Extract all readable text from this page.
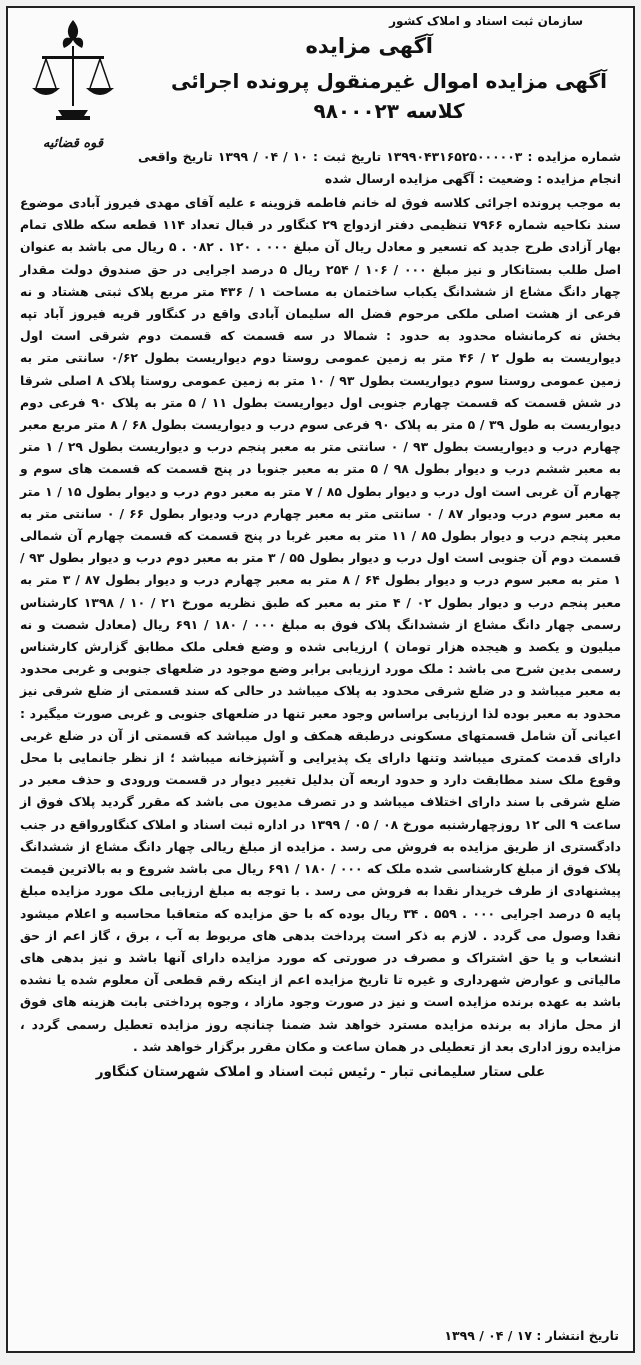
سازمان ثبت اسناد و املاک کشور
آگهی مزایده
آگهی مزایده اموال غیرمنقول پرونده اجرائی کلاسه ۹۸۰۰۰۲۳
قوه قضائیه
شماره مزایده : ۱۳۹۹۰۴۳۱۶۵۲۵۰۰۰۰۰۳ تاریخ ثبت : ۱۰ / ۰۴ / ۱۳۹۹ تاریخ واقعی انجام مزایده : وضعیت : آگهی مزایده ارسال شده
به موجب پرونده اجرائی کلاسه فوق له خانم فاطمه قزوینه ء علیه آقای مهدی فیروز آبادی موضوع سند نکاحیه شماره ۷۹۶۶ تنظیمی دفتر ازدواج ۲۹ کنگاور در قبال تعداد ۱۱۴ قطعه سکه طلای تمام بهار آزادی طرح جدید که تسعیر و معادل ریال آن مبلغ ۰۰۰ . ۱۲۰ . ۰۸۲ . ۵ ریال می باشد به عنوان اصل طلب بستانکار و نیز مبلغ ۰۰۰ / ۱۰۶ / ۲۵۴ ریال ۵ درصد اجرایی در حق صندوق دولت مقدار چهار دانگ مشاع از ششدانگ یکباب ساختمان به مساحت ۱ / ۴۳۶ متر مربع پلاک ثبتی هشتاد و نه فرعی از هشت اصلی ملکی مرحوم فضل اله سلیمان آبادی واقع در کنگاور قریه فیروز آباد تپه بخش نه کرمانشاه محدود به حدود : شمالا در سه قسمت که قسمت دوم شرقی است اول دیواریست به طول ۲ / ۴۶ متر به زمین عمومی روستا دوم دیواریست بطول ۰/۶۲ سانتی متر به زمین عمومی روستا سوم دیواریست بطول ۹۳ / ۱۰ متر به زمین عمومی روستا پلاک ۸ اصلی شرقا در شش قسمت که قسمت چهارم جنوبی اول دیواریست بطول ۱۱ / ۵ متر به پلاک ۹۰ فرعی دوم دیواریست به طول ۳۹ / ۵ متر به پلاک ۹۰ فرعی سوم درب و دیواریست بطول ۶۸ / ۸ متر مربع معبر چهارم درب و دیواریست بطول ۹۳ / ۰ سانتی متر به معبر پنجم درب و دیواریست بطول ۲۹ / ۱ متر به معبر ششم درب و دیوار بطول ۹۸ / ۵ متر به معبر جنوبا در پنج قسمت که قسمت های سوم و چهارم آن غربی است اول درب و دیوار بطول ۸۵ / ۷ متر به معبر دوم درب و دیوار بطول ۱۵ / ۱ متر به معبر سوم درب ودیوار ۸۷ / ۰ سانتی متر به معبر چهارم درب ودیوار بطول ۶۶ / ۰ سانتی متر به معبر پنجم درب و دیوار بطول ۸۵ / ۱۱ متر به معبر غربا در پنج قسمت که قسمت چهارم آن شمالی قسمت دوم آن جنوبی است اول درب و دیوار بطول ۵۵ / ۳ متر به معبر دوم درب و دیوار بطول ۹۳ / ۱ متر به معبر سوم درب و دیوار بطول ۶۴ / ۸ متر به معبر چهارم درب و دیوار بطول ۸۷ / ۳ متر به معبر پنجم درب و دیوار بطول ۰۲ / ۴ متر به معبر که طبق نظریه مورخ ۲۱ / ۱۰ / ۱۳۹۸ کارشناس رسمی چهار دانگ مشاع از ششدانگ پلاک فوق به مبلغ ۰۰۰ / ۱۸۰ / ۶۹۱ ریال (معادل شصت و نه میلیون و یکصد و هیجده هزار تومان ) ارزیابی شده و وضع فعلی ملک مطابق گزارش کارشناس رسمی بدین شرح می باشد : ملک مورد ارزیابی برابر وضع موجود در ضلعهای جنوبی و غربی محدود به معبر میباشد و در ضلع شرقی محدود به پلاک میباشد در حالی که سند قسمتی از ضلع شرقی نیز محدود به معبر بوده لذا ارزیابی براساس وجود معبر تنها در ضلعهای جنوبی و غربی صورت میگیرد : اعیانی آن شامل قسمتهای مسکونی درطبقه همکف و اول میباشد که قسمتی از آن در ضلع غربی دارای قدمت کمتری میباشد وتنها دارای یک پذیرایی و آشپزخانه میباشد ؛ از نظر جانمایی با محل وقوع ملک سند مطابقت دارد و حدود اربعه آن بدلیل تغییر دیوار در قسمت ورودی و حذف معبر در ضلع شرقی با سند دارای اختلاف میباشد و در تصرف مدیون می باشد که مقرر گردید پلاک فوق از ساعت ۹ الی ۱۲ روزچهارشنبه مورخ ۰۸ / ۰۵ / ۱۳۹۹ در اداره ثبت اسناد و املاک کنگاورواقع در جنب دادگستری از طریق مزایده به فروش می رسد . مزایده از مبلغ ریالی چهار دانگ مشاع از ششدانگ پلاک فوق از مبلغ کارشناسی شده ملک که ۰۰۰ / ۱۸۰ / ۶۹۱ ریال می باشد شروع و به بالاترین قیمت پیشنهادی از طرف خریدار نقدا به فروش می رسد . با توجه به مبلغ ارزیابی ملک مورد مزایده مبلغ پایه ۵ درصد اجرایی ۰۰۰ . ۵۵۹ . ۳۴ ریال بوده که با حق مزایده که متعاقبا محاسبه و اعلام میشود نقدا وصول می گردد . لازم به ذکر است پرداخت بدهی های مربوط به آب ، برق ، گاز اعم از حق انشعاب و یا حق اشتراک و مصرف در صورتی که مورد مزایده دارای آنها باشد و نیز بدهی های مالیاتی و عوارض شهرداری و غیره تا تاریخ مزایده اعم از اینکه رقم قطعی آن معلوم شده یا نشده باشد به عهده برنده مزایده است و نیز در صورت وجود مازاد ، وجوه پرداختی بابت هزینه های فوق از محل مازاد به برنده مزایده مسترد خواهد شد ضمنا چنانچه روز مزایده تعطیل رسمی گردد ، مزایده روز اداری بعد از تعطیلی در همان ساعت و مکان مقرر برگزار خواهد شد .
علی ستار سلیمانی تبار - رئیس ثبت اسناد و املاک شهرستان کنگاور
تاریخ انتشار : ۱۷ / ۰۴ / ۱۳۹۹
